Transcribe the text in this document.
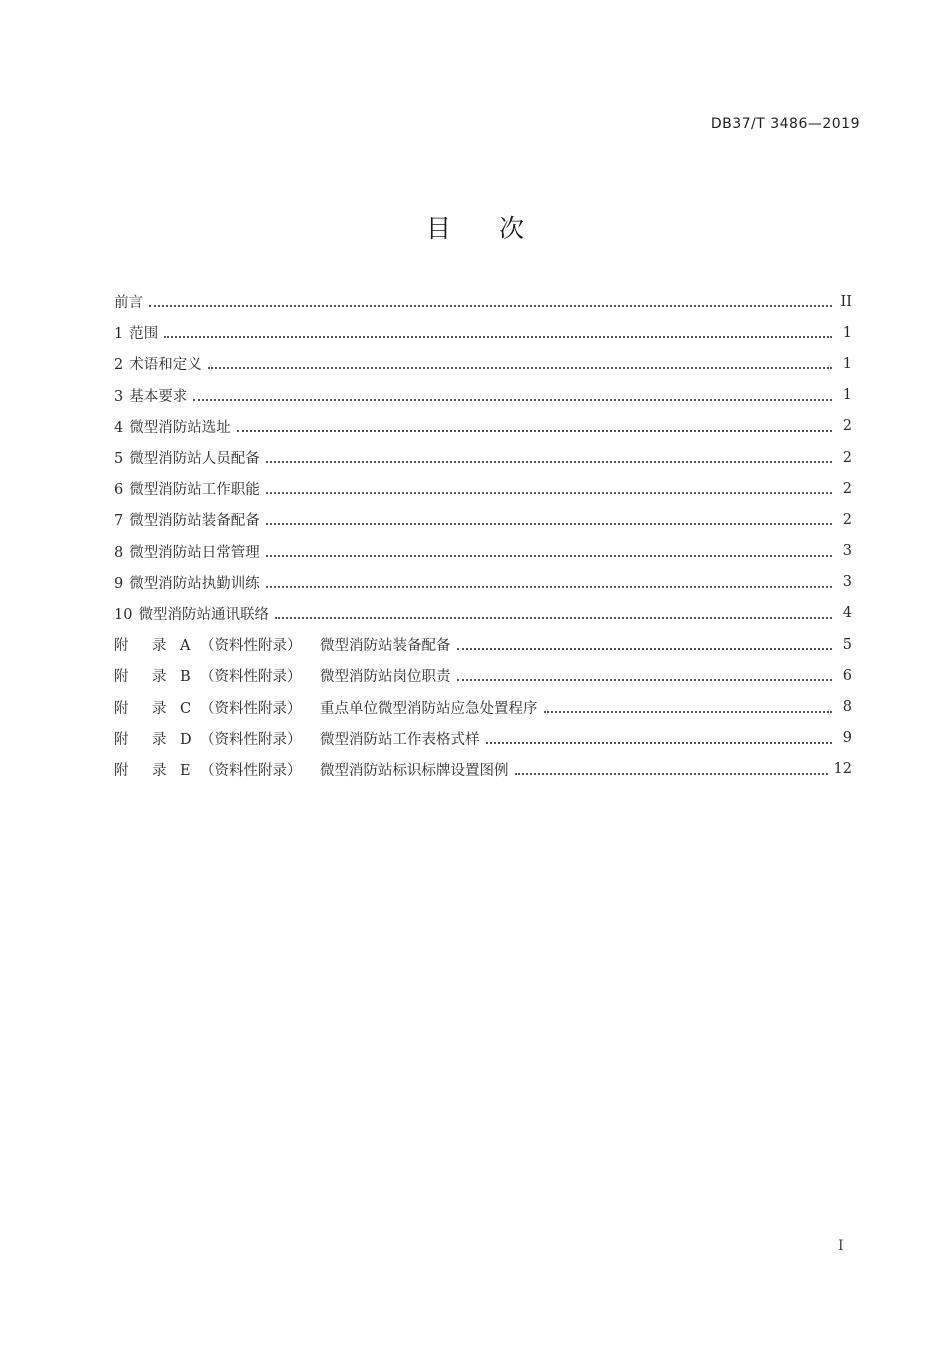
DB37/T 3486—2019
目 次
前言	II
1 范围	1
2 术语和定义	1
3 基本要求	1
4 微型消防站选址	2
5 微型消防站人员配备	2
6 微型消防站工作职能	2
7 微型消防站装备配备	2
8 微型消防站日常管理	3
9 微型消防站执勤训练	3
10 微型消防站通讯联络	4
附 录 A （资料性附录） 微型消防站装备配备	5
附 录 B （资料性附录） 微型消防站岗位职责	6
附 录 C （资料性附录） 重点单位微型消防站应急处置程序	8
附 录 D （资料性附录） 微型消防站工作表格式样	9
附 录 E （资料性附录） 微型消防站标识标牌设置图例	12
I
